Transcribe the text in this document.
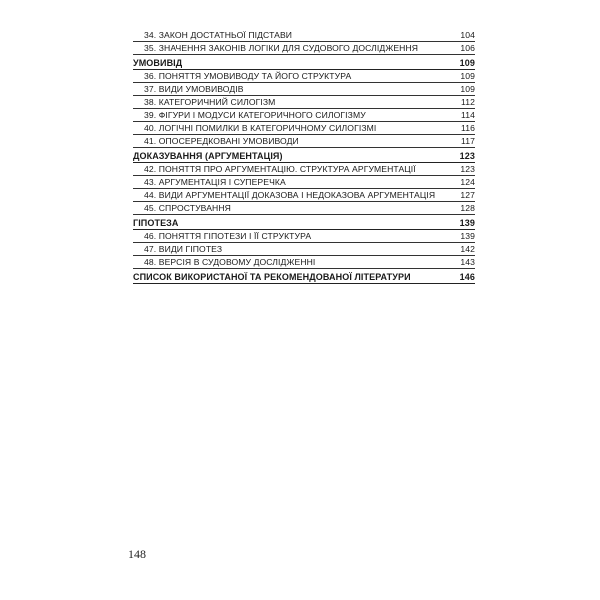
34. ЗАКОН ДОСТАТНЬОЇ ПІДСТАВИ	104
35. ЗНАЧЕННЯ ЗАКОНІВ ЛОГІКИ ДЛЯ СУДОВОГО ДОСЛІДЖЕННЯ	106
УМОВИВІД	109
36. ПОНЯТТЯ УМОВИВОДУ ТА ЙОГО СТРУКТУРА	109
37. ВИДИ УМОВИВОДІВ	109
38. КАТЕГОРИЧНИЙ СИЛОГІЗМ	112
39. ФІГУРИ І МОДУСИ КАТЕГОРИЧНОГО СИЛОГІЗМУ	114
40. ЛОГІЧНІ ПОМИЛКИ В КАТЕГОРИЧНОМУ СИЛОГІЗМІ	116
41. ОПОСЕРЕДКОВАНІ УМОВИВОДИ	117
ДОКАЗУВАННЯ (АРГУМЕНТАЦІЯ)	123
42. ПОНЯТТЯ ПРО АРГУМЕНТАЦІЮ. СТРУКТУРА АРГУМЕНТАЦІЇ	123
43. АРГУМЕНТАЦІЯ І СУПЕРЕЧКА	124
44. ВИДИ АРГУМЕНТАЦІЇ ДОКАЗОВА І НЕДОКАЗОВА АРГУМЕНТАЦІЯ	127
45. СПРОСТУВАННЯ	128
ГІПОТЕЗА	139
46. ПОНЯТТЯ ГІПОТЕЗИ І ЇЇ СТРУКТУРА	139
47. ВИДИ ГІПОТЕЗ	142
48. ВЕРСІЯ В СУДОВОМУ ДОСЛІДЖЕННІ	143
СПИСОК ВИКОРИСТАНОЇ ТА РЕКОМЕНДОВАНОЇ ЛІТЕРАТУРИ	146
148
